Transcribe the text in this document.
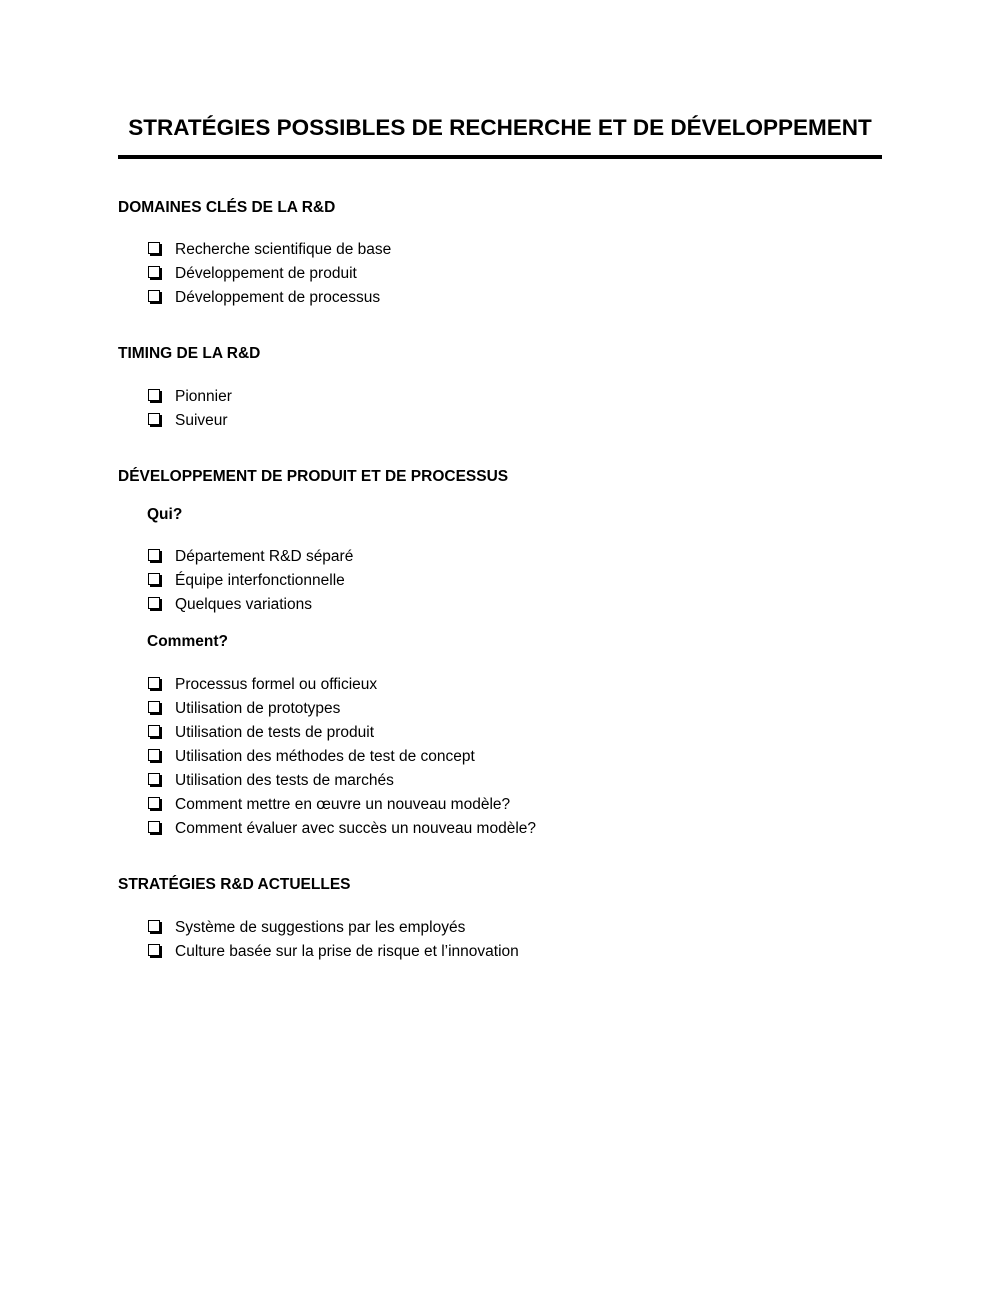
STRATÉGIES POSSIBLES DE RECHERCHE ET DE DÉVELOPPEMENT
DOMAINES CLÉS DE LA R&D
Recherche scientifique de base
Développement de produit
Développement de processus
TIMING DE LA R&D
Pionnier
Suiveur
DÉVELOPPEMENT DE PRODUIT ET DE PROCESSUS
Qui?
Département R&D séparé
Équipe interfonctionnelle
Quelques variations
Comment?
Processus formel ou officieux
Utilisation de prototypes
Utilisation de tests de produit
Utilisation des méthodes de test de concept
Utilisation des tests de marchés
Comment mettre en œuvre un nouveau modèle?
Comment évaluer avec succès un nouveau modèle?
STRATÉGIES R&D ACTUELLES
Système de suggestions par les employés
Culture basée sur la prise de risque et l’innovation
